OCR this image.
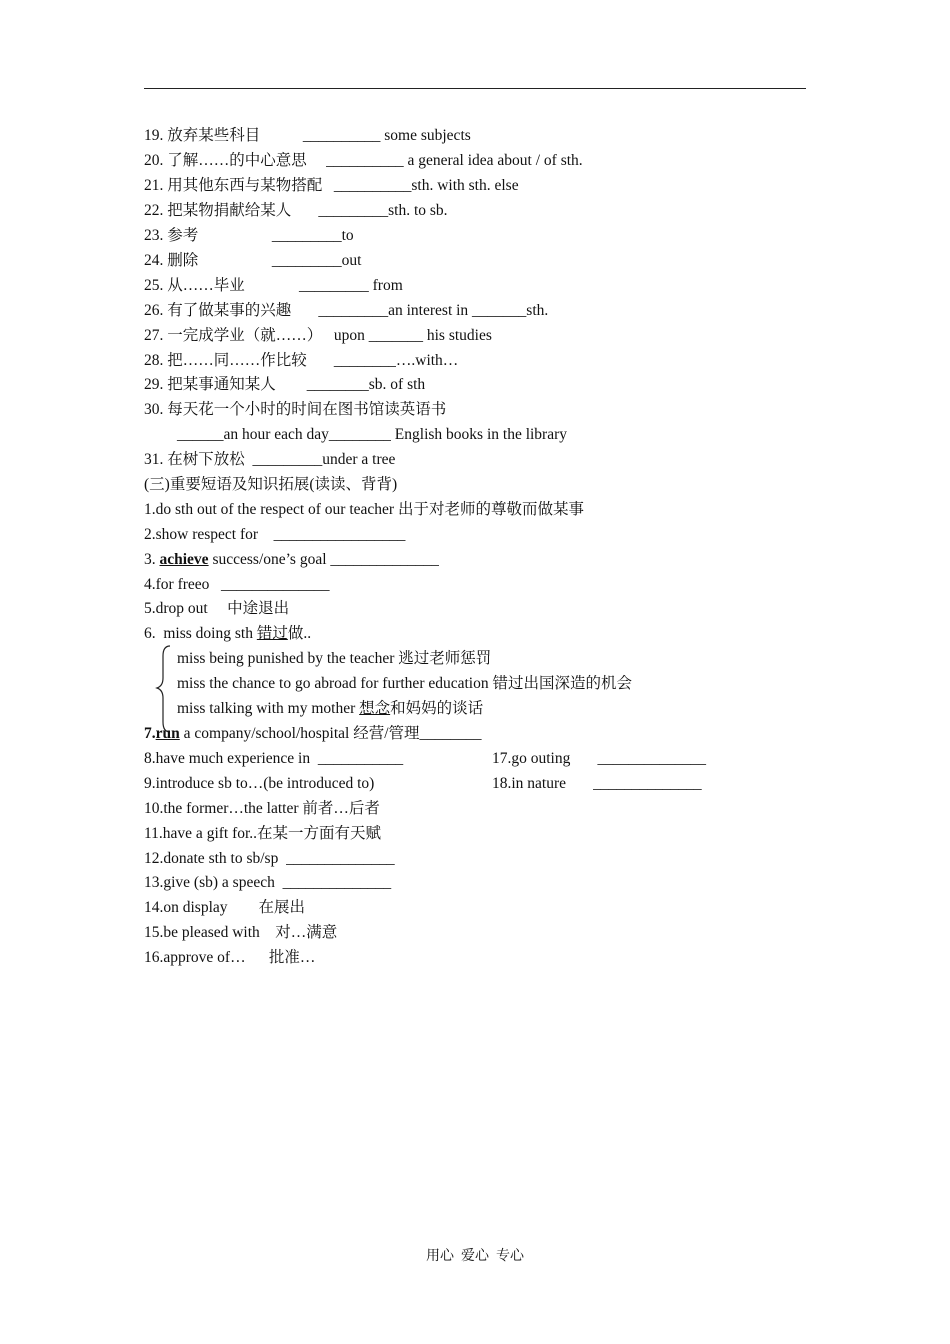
19. 放弃某些科目           __________ some subjects
20. 了解……的中心意思     __________ a general idea about / of sth.
21. 用其他东西与某物搭配   __________sth. with sth. else
22. 把某物捐献给某人       _________sth. to sb.
23. 参考                   _________to
24. 删除                   _________out
25. 从……毕业              _________ from
26. 有了做某事的兴趣       _________an interest in _______sth.
27. 一完成学业（就……）   upon _______ his studies
28. 把……同……作比较       ________….with…
29. 把某事通知某人        ________sb. of sth
30. 每天花一个小时的时间在图书馆读英语书
______an hour each day________ English books in the library
31. 在树下放松  _________under a tree
(三)重要短语及知识拓展(读读、背背)
1.do sth out of the respect of our teacher 出于对老师的尊敬而做某事
2.show respect for    _________________
3. achieve success/one’s goal ______________
4.for freeo   ______________
5.drop out     中途退出
6.  miss doing sth 错过做..
miss being punished by the teacher 逃过老师惩罚
miss the chance to go abroad for further education 错过出国深造的机会
miss talking with my mother 想念和妈妈的谈话
7.run a company/school/hospital 经营/管理________
8.have much experience in  ___________	17.go outing       ______________
9.introduce sb to…(be introduced to)	18.in nature       ______________
10.the former…the latter 前者…后者
11.have a gift for..在某一方面有天赋
12.donate sth to sb/sp  ______________
13.give (sb) a speech  ______________
14.on display        在展出
15.be pleased with    对…满意
16.approve of…      批准…
用心  爱心  专心
